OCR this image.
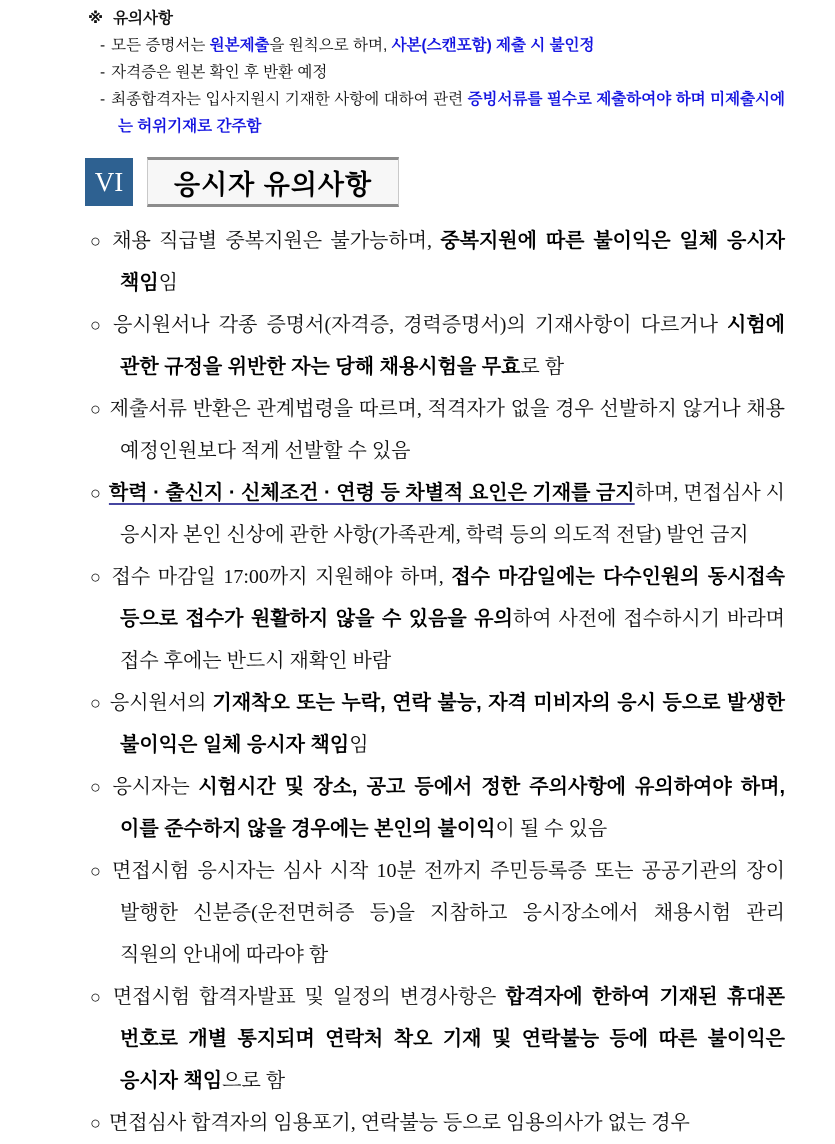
※ 유의사항
- 모든 증명서는 원본제출을 원칙으로 하며, 사본(스캔포함) 제출 시 불인정
- 자격증은 원본 확인 후 반환 예정
- 최종합격자는 입사지원시 기재한 사항에 대하여 관련 증빙서류를 필수로 제출하여야 하며 미제출시에는 허위기재로 간주함
VI	응시자 유의사항
○ 채용 직급별 중복지원은 불가능하며, 중복지원에 따른 불이익은 일체 응시자 책임임
○ 응시원서나 각종 증명서(자격증, 경력증명서)의 기재사항이 다르거나 시험에 관한 규정을 위반한 자는 당해 채용시험을 무효로 함
○ 제출서류 반환은 관계법령을 따르며, 적격자가 없을 경우 선발하지 않거나 채용 예정인원보다 적게 선발할 수 있음
○ 학력 · 출신지 · 신체조건 · 연령 등 차별적 요인은 기재를 금지하며, 면접심사 시 응시자 본인 신상에 관한 사항(가족관계, 학력 등의 의도적 전달) 발언 금지
○ 접수 마감일 17:00까지 지원해야 하며, 접수 마감일에는 다수인원의 동시접속 등으로 접수가 원활하지 않을 수 있음을 유의하여 사전에 접수하시기 바라며 접수 후에는 반드시 재확인 바람
○ 응시원서의 기재착오 또는 누락, 연락 불능, 자격 미비자의 응시 등으로 발생한 불이익은 일체 응시자 책임임
○ 응시자는 시험시간 및 장소, 공고 등에서 정한 주의사항에 유의하여야 하며, 이를 준수하지 않을 경우에는 본인의 불이익이 될 수 있음
○ 면접시험 응시자는 심사 시작 10분 전까지 주민등록증 또는 공공기관의 장이 발행한 신분증(운전면허증 등)을 지참하고 응시장소에서 채용시험 관리 직원의 안내에 따라야 함
○ 면접시험 합격자발표 및 일정의 변경사항은 합격자에 한하여 기재된 휴대폰 번호로 개별 통지되며 연락처 착오 기재 및 연락불능 등에 따른 불이익은 응시자 책임으로 함
○ 면접심사 합격자의 임용포기, 연락불능 등으로 임용의사가 없는 경우
